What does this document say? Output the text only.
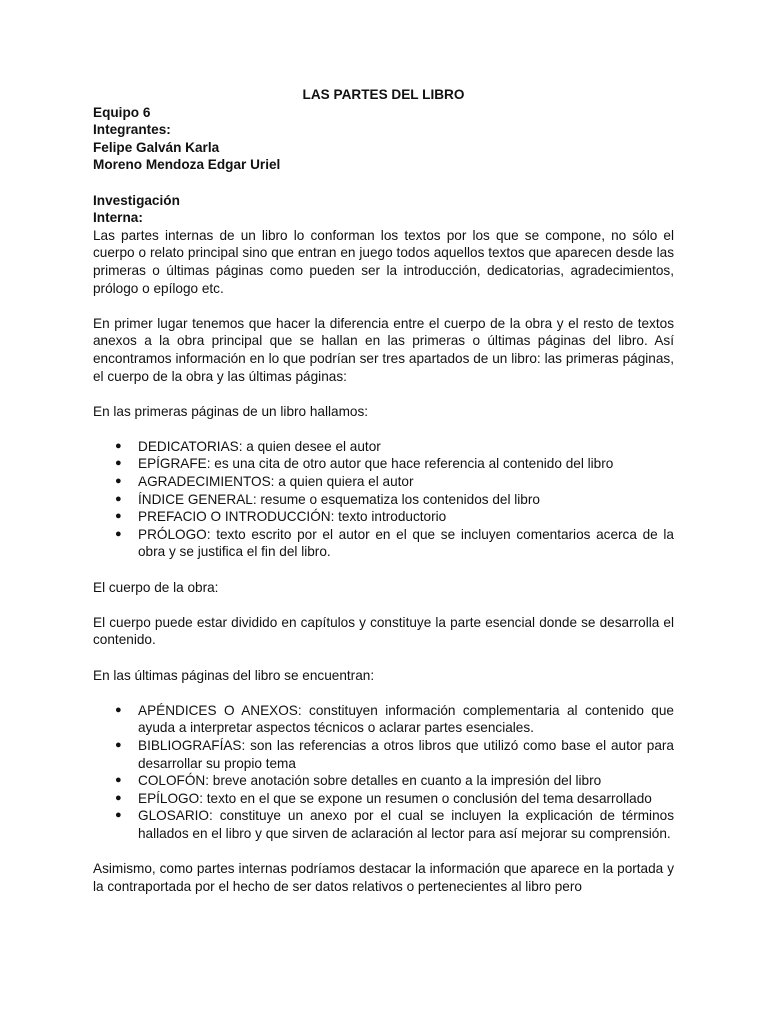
LAS PARTES DEL LIBRO
Equipo 6
Integrantes:
Felipe Galván Karla
Moreno Mendoza Edgar Uriel
Investigación
Interna:

Las partes internas de un libro lo conforman los textos por los que se compone, no sólo el cuerpo o relato principal sino que entran en juego todos aquellos textos que aparecen desde las primeras o últimas páginas como pueden ser la introducción, dedicatorias, agradecimientos, prólogo o epílogo etc.

En primer lugar tenemos que hacer la diferencia entre el cuerpo de la obra y el resto de textos anexos a la obra principal que se hallan en las primeras o últimas páginas del libro. Así encontramos información en lo que podrían ser tres apartados de un libro: las primeras páginas, el cuerpo de la obra y las últimas páginas:

En las primeras páginas de un libro hallamos:

● DEDICATORIAS: a quien desee el autor
● EPÍGRAFE: es una cita de otro autor que hace referencia al contenido del libro
● AGRADECIMIENTOS: a quien quiera el autor
● ÍNDICE GENERAL: resume o esquematiza los contenidos del libro
● PREFACIO O INTRODUCCIÓN: texto introductorio
● PRÓLOGO: texto escrito por el autor en el que se incluyen comentarios acerca de la obra y se justifica el fin del libro.

El cuerpo de la obra:

El cuerpo puede estar dividido en capítulos y constituye la parte esencial donde se desarrolla el contenido.

En las últimas páginas del libro se encuentran:

● APÉNDICES O ANEXOS: constituyen información complementaria al contenido que ayuda a interpretar aspectos técnicos o aclarar partes esenciales.
● BIBLIOGRAFÍAS: son las referencias a otros libros que utilizó como base el autor para desarrollar su propio tema
● COLOFÓN: breve anotación sobre detalles en cuanto a la impresión del libro
● EPÍLOGO: texto en el que se expone un resumen o conclusión del tema desarrollado
● GLOSARIO: constituye un anexo por el cual se incluyen la explicación de términos hallados en el libro y que sirven de aclaración al lector para así mejorar su comprensión.

Asimismo, como partes internas podríamos destacar la información que aparece en la portada y la contraportada por el hecho de ser datos relativos o pertenecientes al libro pero
